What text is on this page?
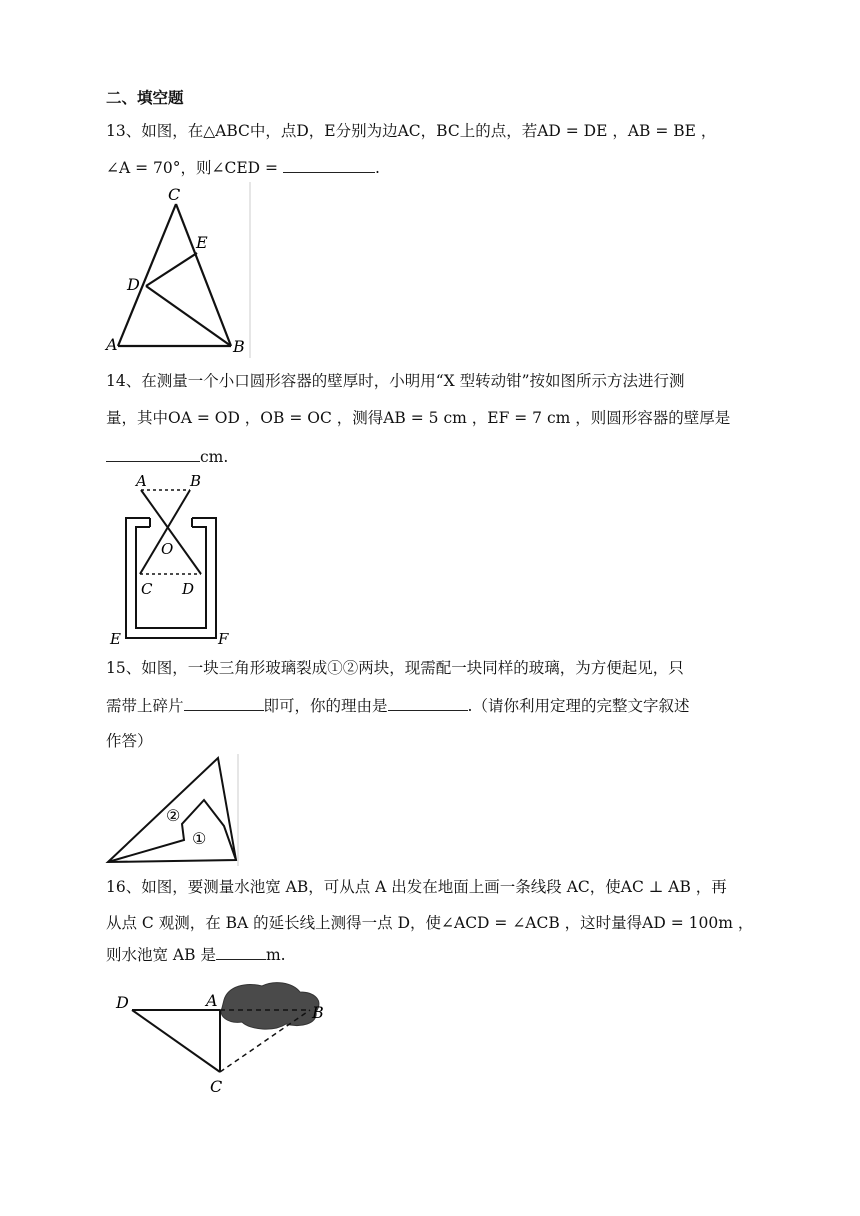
二、填空题
13、如图，在△ABC中，点D，E分别为边AC，BC上的点，若AD = DE ，AB = BE ，
∠A = 70°，则∠CED =	.
C
E
D
A	B
14、在测量一个小口圆形容器的壁厚时，小明用“X 型转动钳”按如图所示方法进行测
量，其中OA = OD ，OB = OC ，测得AB = 5 cm ，EF = 7 cm ，则圆形容器的壁厚是
cm.
A	B
O
C D
E	F
15、如图，一块三角形玻璃裂成①②两块，现需配一块同样的玻璃，为方便起见，只
需带上碎片	即可，你的理由是	.（请你利用定理的完整文字叙述
作答）
②
①
16、如图，要测量水池宽 AB，可从点 A 出发在地面上画一条线段 AC，使AC ⊥ AB ，再
从点 C 观测，在 BA 的延长线上测得一点 D，使∠ACD = ∠ACB ，这时量得AD = 100m ，
则水池宽 AB 是	m.
D	A
B
C
